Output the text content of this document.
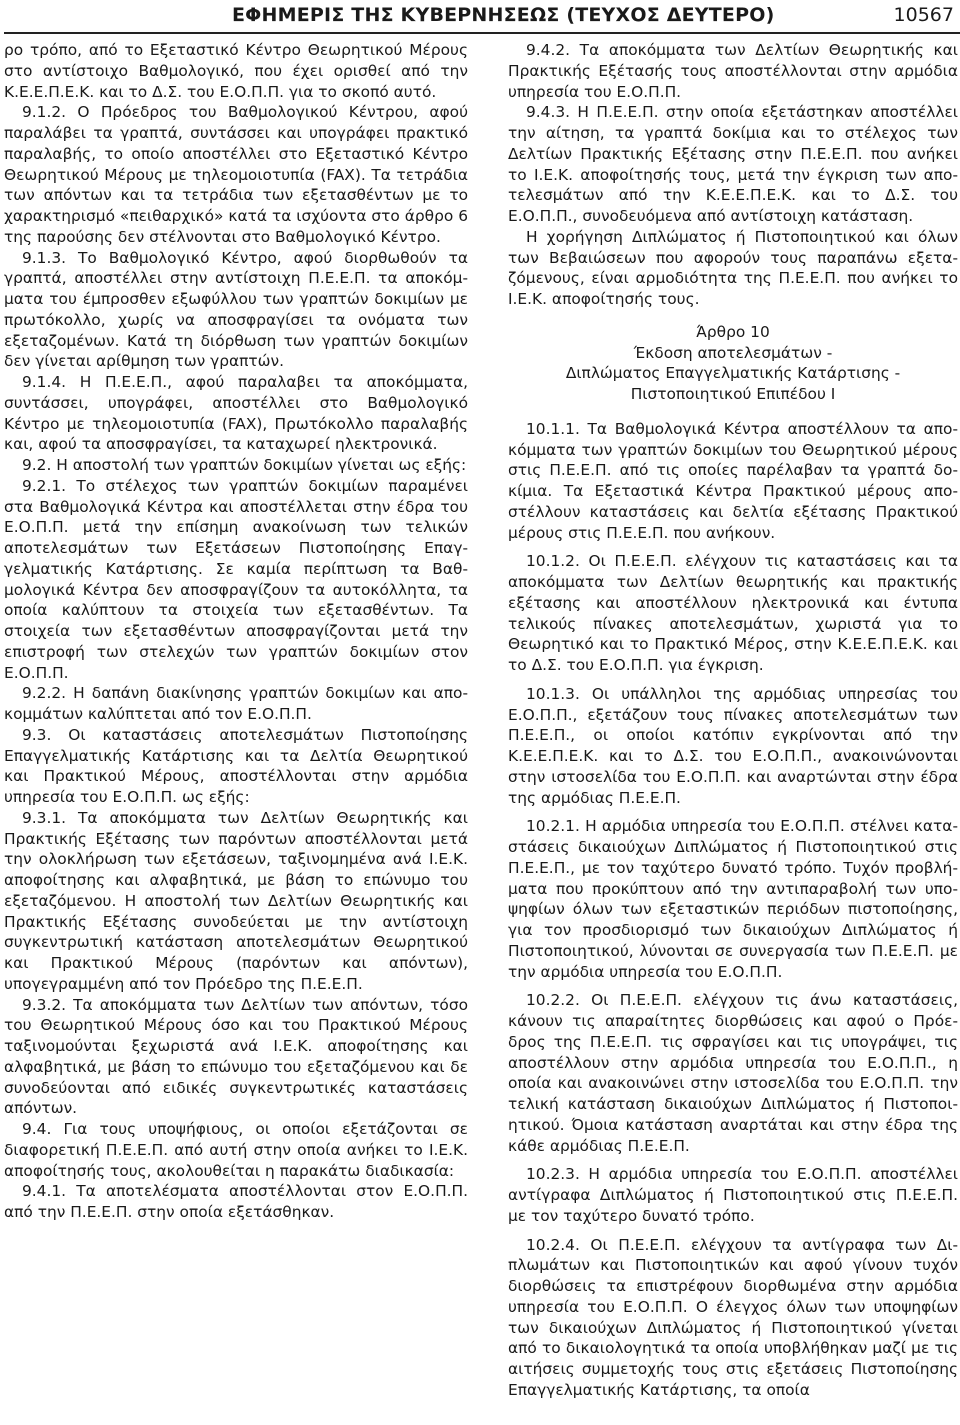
ΕΦΗΜΕΡΙΣ ΤΗΣ ΚΥΒΕΡΝΗΣΕΩΣ (ΤΕΥΧΟΣ ΔΕΥΤΕΡΟ)	10567

ρο τρόπο, από το Εξεταστικό Κέντρο Θεωρητικού Μέρους στο αντίστοιχο Βαθμολογικό, που έχει ορισθεί από την Κ.Ε.Ε.Π.Ε.Κ. και το Δ.Σ. του Ε.Ο.Π.Π. για το σκοπό αυτό.

9.1.2. Ο Πρόεδρος του Βαθμολογικού Κέντρου, αφού παραλάβει τα γραπτά, συντάσσει και υπογράφει πρακτικό παραλαβής, το οποίο αποστέλλει στο Εξεταστικό Κέντρο Θεωρητικού Μέρους με τηλεομοιοτυπία (FAX). Τα τετράδια των απόντων και τα τετράδια των εξετασθέντων με το χαρακτηρισμό «πειθαρχικό» κατά τα ισχύοντα στο άρθρο 6 της παρούσης δεν στέλνονται στο Βαθμολογικό Κέντρο.

9.1.3. Το Βαθμολογικό Κέντρο, αφού διορθωθούν τα γραπτά, αποστέλλει στην αντίστοιχη Π.Ε.Ε.Π. τα αποκόμματα του έμπροσθεν εξωφύλλου των γραπτών δοκιμίων με πρωτόκολλο, χωρίς να αποσφραγίσει τα ονόματα των εξεταζομένων. Κατά τη διόρθωση των γραπτών δοκιμίων δεν γίνεται αρίθμηση των γραπτών.

9.1.4. Η Π.Ε.Ε.Π., αφού παραλαβει τα αποκόμματα, συντάσσει, υπογράφει, αποστέλλει στο Βαθμολογικό Κέντρο με τηλεομοιοτυπία (FAX), Πρωτόκολλο παραλαβής και, αφού τα αποσφραγίσει, τα καταχωρεί ηλεκτρονικά.

9.2. Η αποστολή των γραπτών δοκιμίων γίνεται ως εξής:

9.2.1. Το στέλεχος των γραπτών δοκιμίων παραμένει στα Βαθμολογικά Κέντρα και αποστέλλεται στην έδρα του Ε.Ο.Π.Π. μετά την επίσημη ανακοίνωση των τελικών αποτελεσμάτων των Εξετάσεων Πιστοποίησης Επαγγελματικής Κατάρτισης. Σε καμία περίπτωση τα Βαθμολογικά Κέντρα δεν αποσφραγίζουν τα αυτοκόλλητα, τα οποία καλύπτουν τα στοιχεία των εξετασθέντων. Τα στοιχεία των εξετασθέντων αποσφραγίζονται μετά την επιστροφή των στελεχών των γραπτών δοκιμίων στον Ε.Ο.Π.Π.

9.2.2. Η δαπάνη διακίνησης γραπτών δοκιμίων και αποκομμάτων καλύπτεται από τον Ε.Ο.Π.Π.

9.3. Οι καταστάσεις αποτελεσμάτων Πιστοποίησης Επαγγελματικής Κατάρτισης και τα Δελτία Θεωρητικού και Πρακτικού Μέρους, αποστέλλονται στην αρμόδια υπηρεσία του Ε.Ο.Π.Π. ως εξής:

9.3.1. Τα αποκόμματα των Δελτίων Θεωρητικής και Πρακτικής Εξέτασης των παρόντων αποστέλλονται μετά την ολοκλήρωση των εξετάσεων, ταξινομημένα ανά Ι.Ε.Κ. αποφοίτησης και αλφαβητικά, με βάση το επώνυμο του εξεταζόμενου. Η αποστολή των Δελτίων Θεωρητικής και Πρακτικής Εξέτασης συνοδεύεται με την αντίστοιχη συγκεντρωτική κατάσταση αποτελεσμάτων Θεωρητικού και Πρακτικού Μέρους (παρόντων και απόντων), υπογεγραμμένη από τον Πρόεδρο της Π.Ε.Ε.Π.

9.3.2. Τα αποκόμματα των Δελτίων των απόντων, τόσο του Θεωρητικού Μέρους όσο και του Πρακτικού Μέρους ταξινομούνται ξεχωριστά ανά Ι.Ε.Κ. αποφοίτησης και αλφαβητικά, με βάση το επώνυμο του εξεταζόμενου και δε συνοδεύονται από ειδικές συγκεντρωτικές καταστάσεις απόντων.

9.4. Για τους υποψήφιους, οι οποίοι εξετάζονται σε διαφορετική Π.Ε.Ε.Π. από αυτή στην οποία ανήκει το Ι.Ε.Κ. αποφοίτησής τους, ακολουθείται η παρακάτω διαδικασία:

9.4.1. Τα αποτελέσματα αποστέλλονται στον Ε.Ο.Π.Π. από την Π.Ε.Ε.Π. στην οποία εξετάσθηκαν.

9.4.2. Τα αποκόμματα των Δελτίων Θεωρητικής και Πρακτικής Εξέτασής τους αποστέλλονται στην αρμόδια υπηρεσία του Ε.Ο.Π.Π.

9.4.3. Η Π.Ε.Ε.Π. στην οποία εξετάστηκαν αποστέλλει την αίτηση, τα γραπτά δοκίμια και το στέλεχος των Δελτίων Πρακτικής Εξέτασης στην Π.Ε.Ε.Π. που ανήκει το Ι.Ε.Κ. αποφοίτησής τους, μετά την έγκριση των αποτελεσμάτων από την Κ.Ε.Ε.Π.Ε.Κ. και το Δ.Σ. του Ε.Ο.Π.Π., συνοδευόμενα από αντίστοιχη κατάσταση.

Η χορήγηση Διπλώματος ή Πιστοποιητικού και όλων των Βεβαιώσεων που αφορούν τους παραπάνω εξεταζόμενους, είναι αρμοδιότητα της Π.Ε.Ε.Π. που ανήκει το Ι.Ε.Κ. αποφοίτησής τους.

Άρθρο 10
Έκδοση αποτελεσμάτων -
Διπλώματος Επαγγελματικής Κατάρτισης -
Πιστοποιητικού Επιπέδου Ι

10.1.1. Τα Βαθμολογικά Κέντρα αποστέλλουν τα αποκόμματα των γραπτών δοκιμίων του Θεωρητικού μέρους στις Π.Ε.Ε.Π. από τις οποίες παρέλαβαν τα γραπτά δοκίμια. Τα Εξεταστικά Κέντρα Πρακτικού μέρους αποστέλλουν καταστάσεις και δελτία εξέτασης Πρακτικού μέρους στις Π.Ε.Ε.Π. που ανήκουν.

10.1.2. Οι Π.Ε.Ε.Π. ελέγχουν τις καταστάσεις και τα αποκόμματα των Δελτίων θεωρητικής και πρακτικής εξέτασης και αποστέλλουν ηλεκτρονικά και έντυπα τελικούς πίνακες αποτελεσμάτων, χωριστά για το Θεωρητικό και το Πρακτικό Μέρος, στην Κ.Ε.Ε.Π.Ε.Κ. και το Δ.Σ. του Ε.Ο.Π.Π. για έγκριση.

10.1.3. Οι υπάλληλοι της αρμόδιας υπηρεσίας του Ε.Ο.Π.Π., εξετάζουν τους πίνακες αποτελεσμάτων των Π.Ε.Ε.Π., οι οποίοι κατόπιν εγκρίνονται από την Κ.Ε.Ε.Π.Ε.Κ. και το Δ.Σ. του Ε.Ο.Π.Π., ανακοινώνονται στην ιστοσελίδα του Ε.Ο.Π.Π. και αναρτώνται στην έδρα της αρμόδιας Π.Ε.Ε.Π.

10.2.1. Η αρμόδια υπηρεσία του Ε.Ο.Π.Π. στέλνει καταστάσεις δικαιούχων Διπλώματος ή Πιστοποιητικού στις Π.Ε.Ε.Π., με τον ταχύτερο δυνατό τρόπο. Τυχόν προβλήματα που προκύπτουν από την αντιπαραβολή των υποψηφίων όλων των εξεταστικών περιόδων πιστοποίησης, για τον προσδιορισμό των δικαιούχων Διπλώματος ή Πιστοποιητικού, λύνονται σε συνεργασία των Π.Ε.Ε.Π. με την αρμόδια υπηρεσία του Ε.Ο.Π.Π.

10.2.2. Οι Π.Ε.Ε.Π. ελέγχουν τις άνω καταστάσεις, κάνουν τις απαραίτητες διορθώσεις και αφού ο Πρόεδρος της Π.Ε.Ε.Π. τις σφραγίσει και τις υπογράψει, τις αποστέλλουν στην αρμόδια υπηρεσία του Ε.Ο.Π.Π., η οποία και ανακοινώνει στην ιστοσελίδα του Ε.Ο.Π.Π. την τελική κατάσταση δικαιούχων Διπλώματος ή Πιστοποιητικού. Όμοια κατάσταση αναρτάται και στην έδρα της κάθε αρμόδιας Π.Ε.Ε.Π.

10.2.3. Η αρμόδια υπηρεσία του Ε.Ο.Π.Π. αποστέλλει αντίγραφα Διπλώματος ή Πιστοποιητικού στις Π.Ε.Ε.Π. με τον ταχύτερο δυνατό τρόπο.

10.2.4. Οι Π.Ε.Ε.Π. ελέγχουν τα αντίγραφα των Διπλωμάτων και Πιστοποιητικών και αφού γίνουν τυχόν διορθώσεις τα επιστρέφουν διορθωμένα στην αρμόδια υπηρεσία του Ε.Ο.Π.Π. Ο έλεγχος όλων των υποψηφίων των δικαιούχων Διπλώματος ή Πιστοποιητικού γίνεται από το δικαιολογητικά τα οποία υποβλήθηκαν μαζί με τις αιτήσεις συμμετοχής τους στις εξετάσεις Πιστοποίησης Επαγγελματικής Κατάρτισης, τα οποία
